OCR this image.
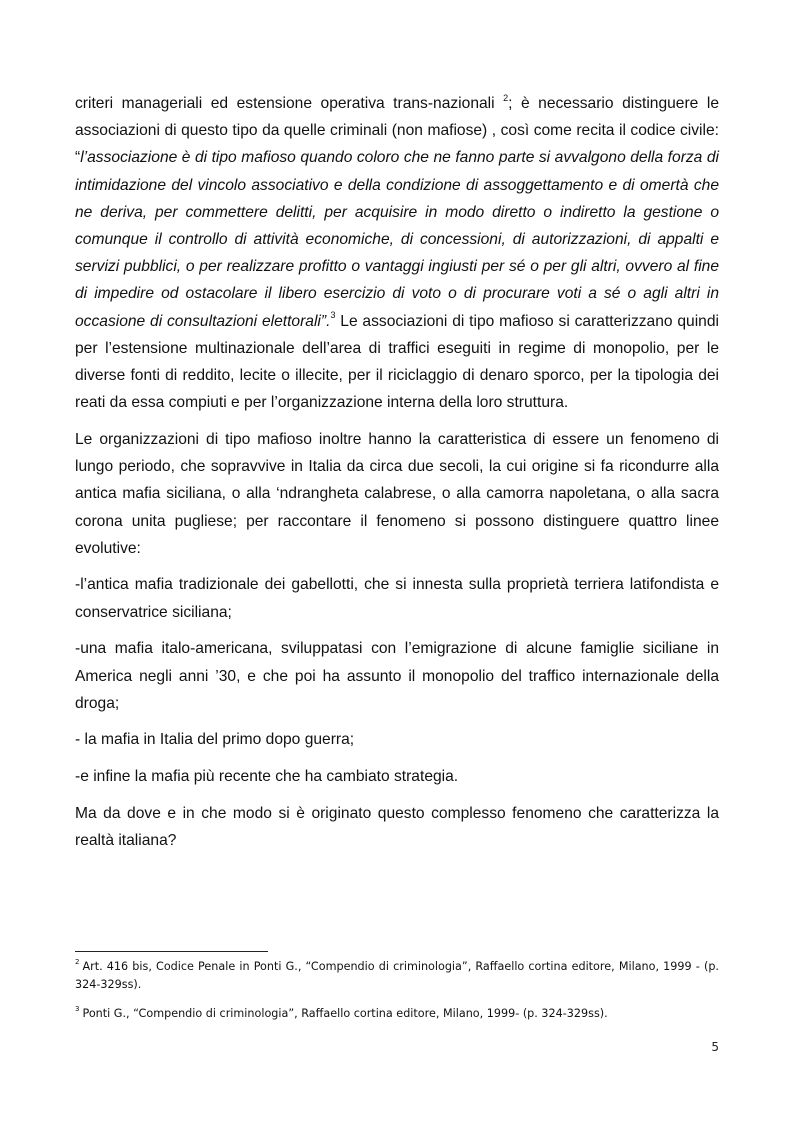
criteri manageriali ed estensione operativa trans-nazionali $^2$; è necessario distinguere le associazioni di questo tipo da quelle criminali (non mafiose) , così come recita il codice civile: “l’associazione è di tipo mafioso quando coloro che ne fanno parte si avvalgono della forza di intimidazione del vincolo associativo e della condizione di assoggettamento e di omertà che ne deriva, per commettere delitti, per acquisire in modo diretto o indiretto la gestione o comunque il controllo di attività economiche, di concessioni, di autorizzazioni, di appalti e servizi pubblici, o per realizzare profitto o vantaggi ingiusti per sé o per gli altri, ovvero al fine di impedire od ostacolare il libero esercizio di voto o di procurare voti a sé o agli altri in occasione di consultazioni elettorali”.$^3$ Le associazioni di tipo mafioso si caratterizzano quindi per l’estensione multinazionale dell’area di traffici eseguiti in regime di monopolio, per le diverse fonti di reddito, lecite o illecite, per il riciclaggio di denaro sporco, per la tipologia dei reati da essa compiuti e per l’organizzazione interna della loro struttura.

Le organizzazioni di tipo mafioso inoltre hanno la caratteristica di essere un fenomeno di lungo periodo, che sopravvive in Italia da circa due secoli, la cui origine si fa ricondurre alla antica mafia siciliana, o alla ‘ndrangheta calabrese, o alla camorra napoletana, o alla sacra corona unita pugliese; per raccontare il fenomeno si possono distinguere quattro linee evolutive:

-l’antica mafia tradizionale dei gabellotti, che si innesta sulla proprietà terriera latifondista e conservatrice siciliana;

-una mafia italo-americana, sviluppatasi con l’emigrazione di alcune famiglie siciliane in America negli anni ’30, e che poi ha assunto il monopolio del traffico internazionale della droga;

- la mafia in Italia del primo dopo guerra;

-e infine la mafia più recente che ha cambiato strategia.

Ma da dove e in che modo si è originato questo complesso fenomeno che caratterizza la realtà italiana?

$^2$ Art. 416 bis, Codice Penale in Ponti G., “Compendio di criminologia”, Raffaello cortina editore, Milano, 1999 - (p. 324-329ss).

$^3$ Ponti G., “Compendio di criminologia”, Raffaello cortina editore, Milano, 1999- (p. 324-329ss).

5
